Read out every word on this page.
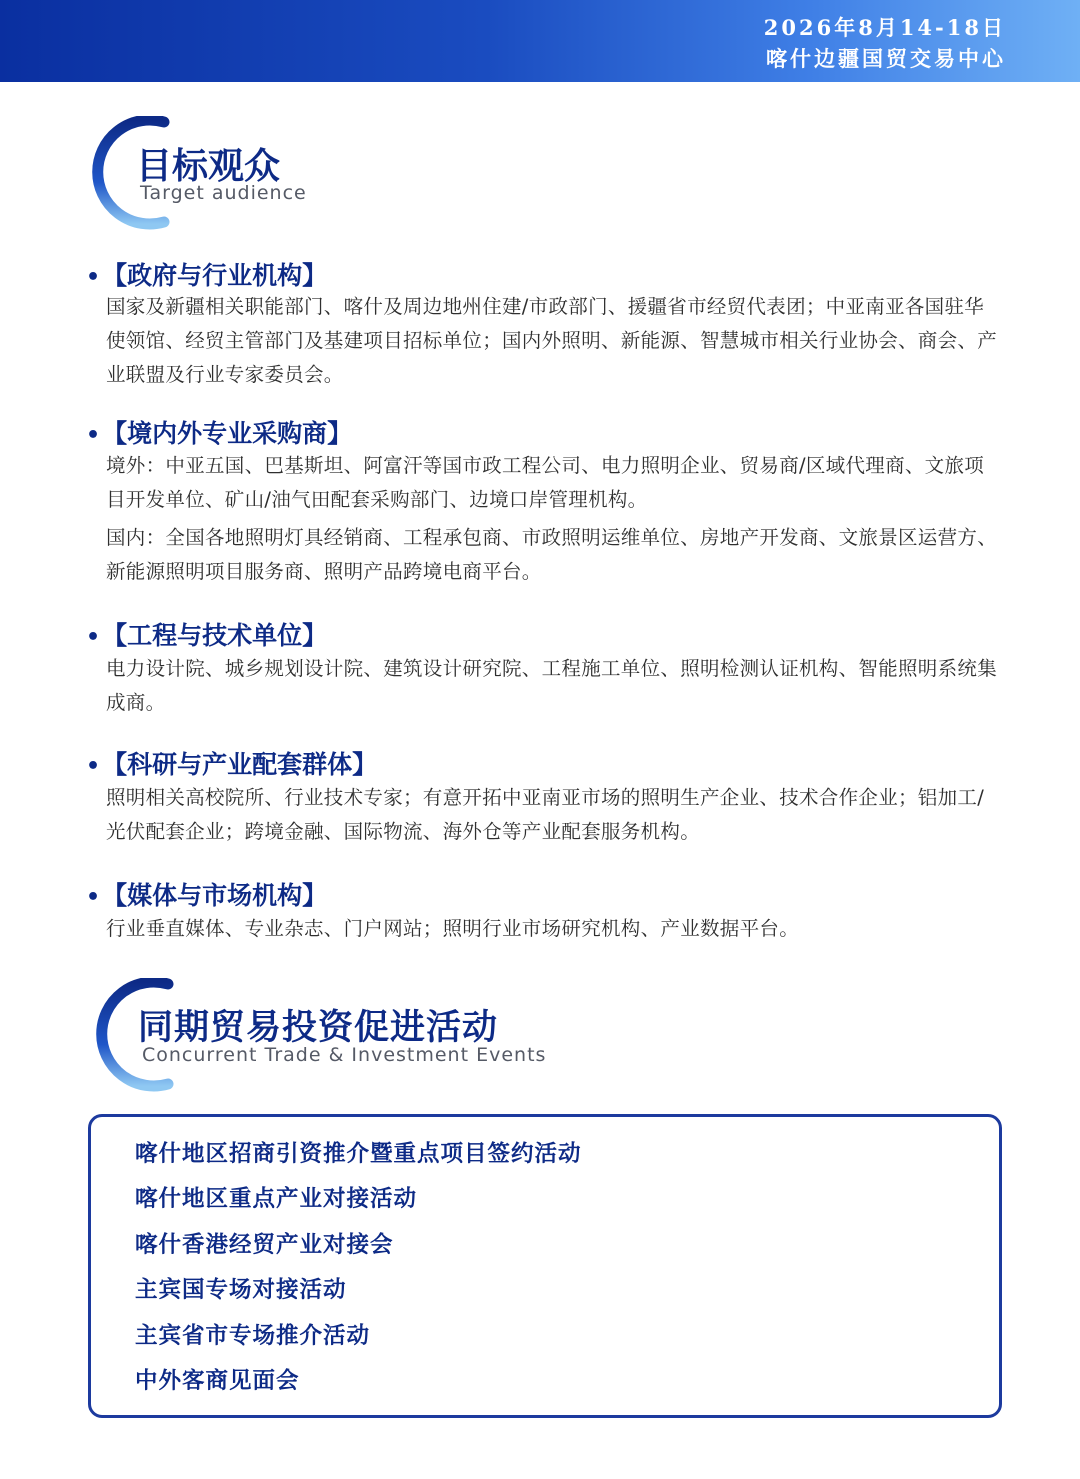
2026年8月14-18日
喀什边疆国贸交易中心
目标观众
Target audience
•【政府与行业机构】
国家及新疆相关职能部门、喀什及周边地州住建/市政部门、援疆省市经贸代表团；中亚南亚各国驻华使领馆、经贸主管部门及基建项目招标单位；国内外照明、新能源、智慧城市相关行业协会、商会、产业联盟及行业专家委员会。
•【境内外专业采购商】
境外：中亚五国、巴基斯坦、阿富汗等国市政工程公司、电力照明企业、贸易商/区域代理商、文旅项目开发单位、矿山/油气田配套采购部门、边境口岸管理机构。
国内：全国各地照明灯具经销商、工程承包商、市政照明运维单位、房地产开发商、文旅景区运营方、新能源照明项目服务商、照明产品跨境电商平台。
•【工程与技术单位】
电力设计院、城乡规划设计院、建筑设计研究院、工程施工单位、照明检测认证机构、智能照明系统集成商。
•【科研与产业配套群体】
照明相关高校院所、行业技术专家；有意开拓中亚南亚市场的照明生产企业、技术合作企业；铝加工/光伏配套企业；跨境金融、国际物流、海外仓等产业配套服务机构。
•【媒体与市场机构】
行业垂直媒体、专业杂志、门户网站；照明行业市场研究机构、产业数据平台。
同期贸易投资促进活动
Concurrent Trade & Investment Events
喀什地区招商引资推介暨重点项目签约活动
喀什地区重点产业对接活动
喀什香港经贸产业对接会
主宾国专场对接活动
主宾省市专场推介活动
中外客商见面会
